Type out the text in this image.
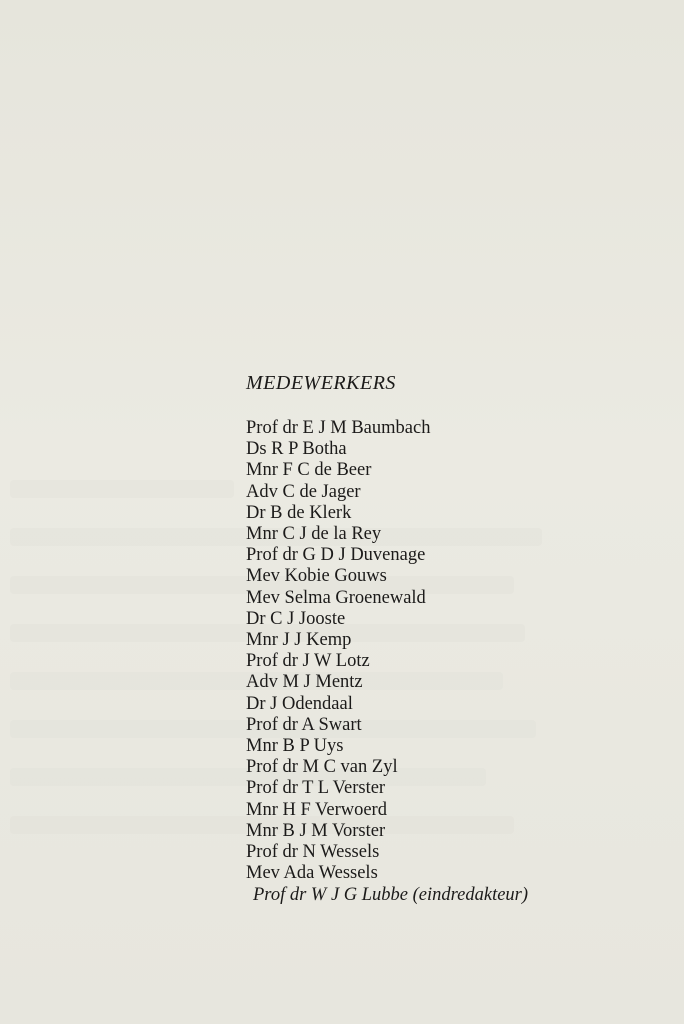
MEDEWERKERS
Prof dr E J M Baumbach
Ds R P Botha
Mnr F C de Beer
Adv C de Jager
Dr B de Klerk
Mnr C J de la Rey
Prof dr G D J Duvenage
Mev Kobie Gouws
Mev Selma Groenewald
Dr C J Jooste
Mnr J J Kemp
Prof dr J W Lotz
Adv M J Mentz
Dr J Odendaal
Prof dr A Swart
Mnr B P Uys
Prof dr M C van Zyl
Prof dr T L Verster
Mnr H F Verwoerd
Mnr B J M Vorster
Prof dr N Wessels
Mev Ada Wessels
Prof dr W J G Lubbe (eindredakteur)
